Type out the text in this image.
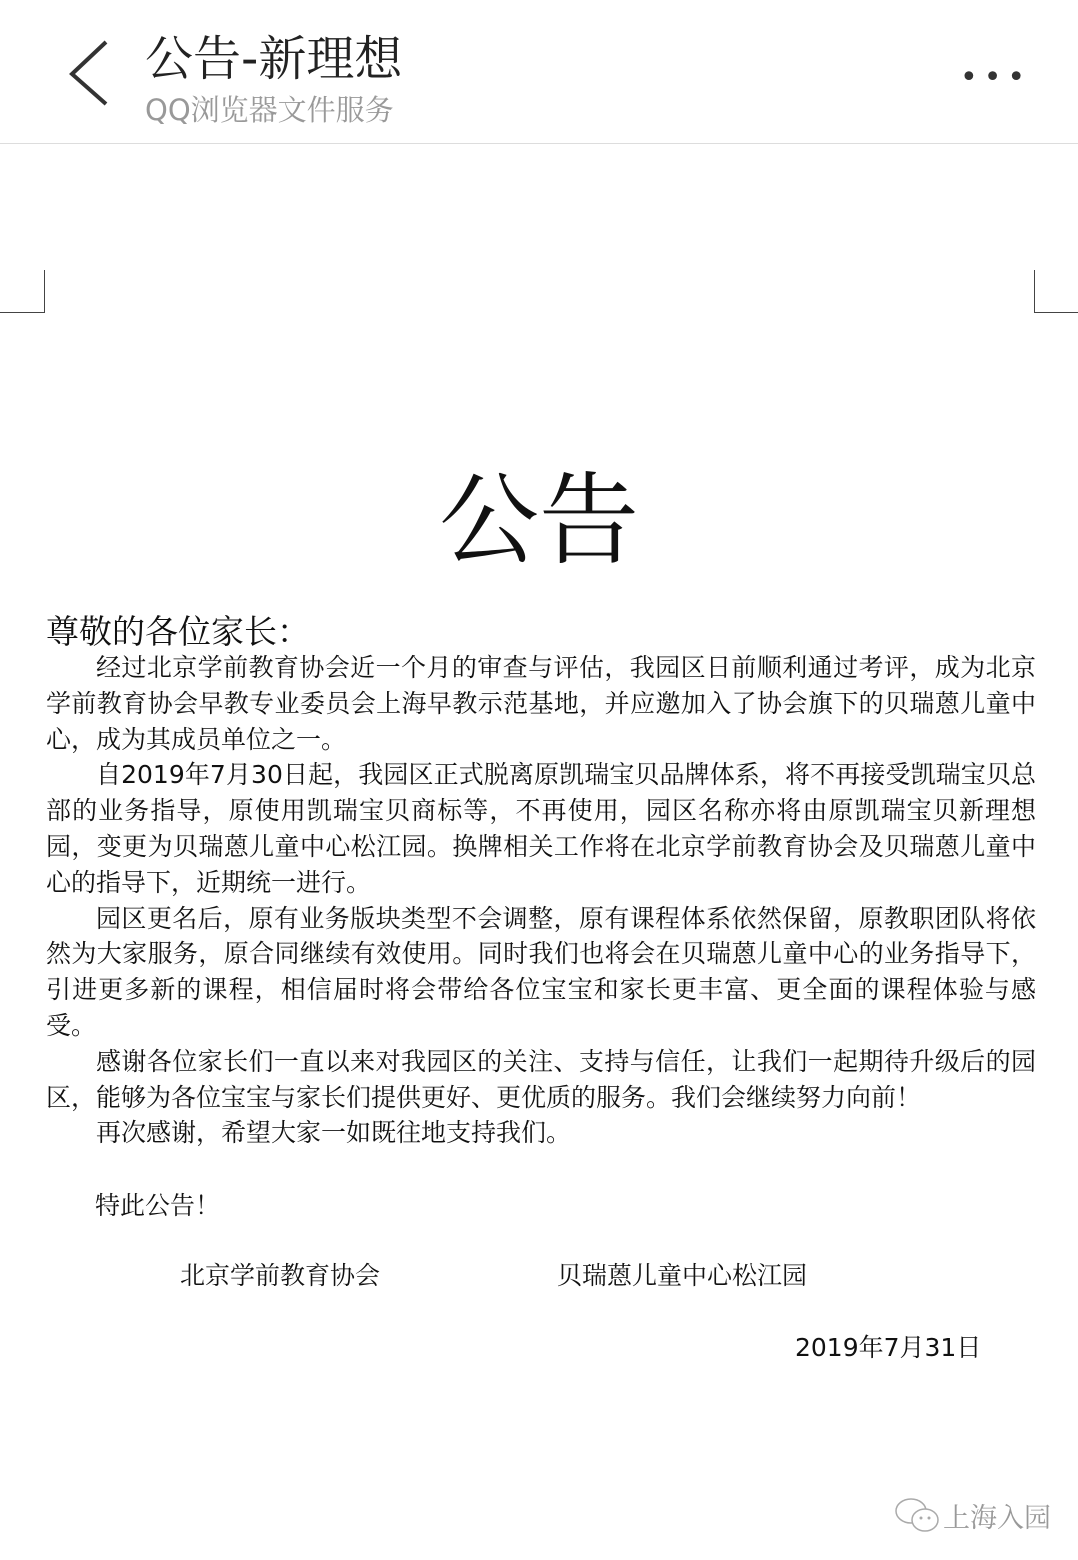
公告-新理想
QQ浏览器文件服务
•••
公告
尊敬的各位家长：
经过北京学前教育协会近一个月的审查与评估，我园区日前顺利通过考评，成为北京
学前教育协会早教专业委员会上海早教示范基地，并应邀加入了协会旗下的贝瑞蒽儿童中
心，成为其成员单位之一。
自2019年7月30日起，我园区正式脱离原凯瑞宝贝品牌体系，将不再接受凯瑞宝贝总
部的业务指导，原使用凯瑞宝贝商标等，不再使用，园区名称亦将由原凯瑞宝贝新理想
园，变更为贝瑞蒽儿童中心松江园。换牌相关工作将在北京学前教育协会及贝瑞蒽儿童中
心的指导下，近期统一进行。
园区更名后，原有业务版块类型不会调整，原有课程体系依然保留，原教职团队将依
然为大家服务，原合同继续有效使用。同时我们也将会在贝瑞蒽儿童中心的业务指导下，
引进更多新的课程，相信届时将会带给各位宝宝和家长更丰富、更全面的课程体验与感
受。
感谢各位家长们一直以来对我园区的关注、支持与信任，让我们一起期待升级后的园
区，能够为各位宝宝与家长们提供更好、更优质的服务。我们会继续努力向前！
再次感谢，希望大家一如既往地支持我们。
特此公告！
北京学前教育协会	贝瑞蒽儿童中心松江园
2019年7月31日
上海入园
